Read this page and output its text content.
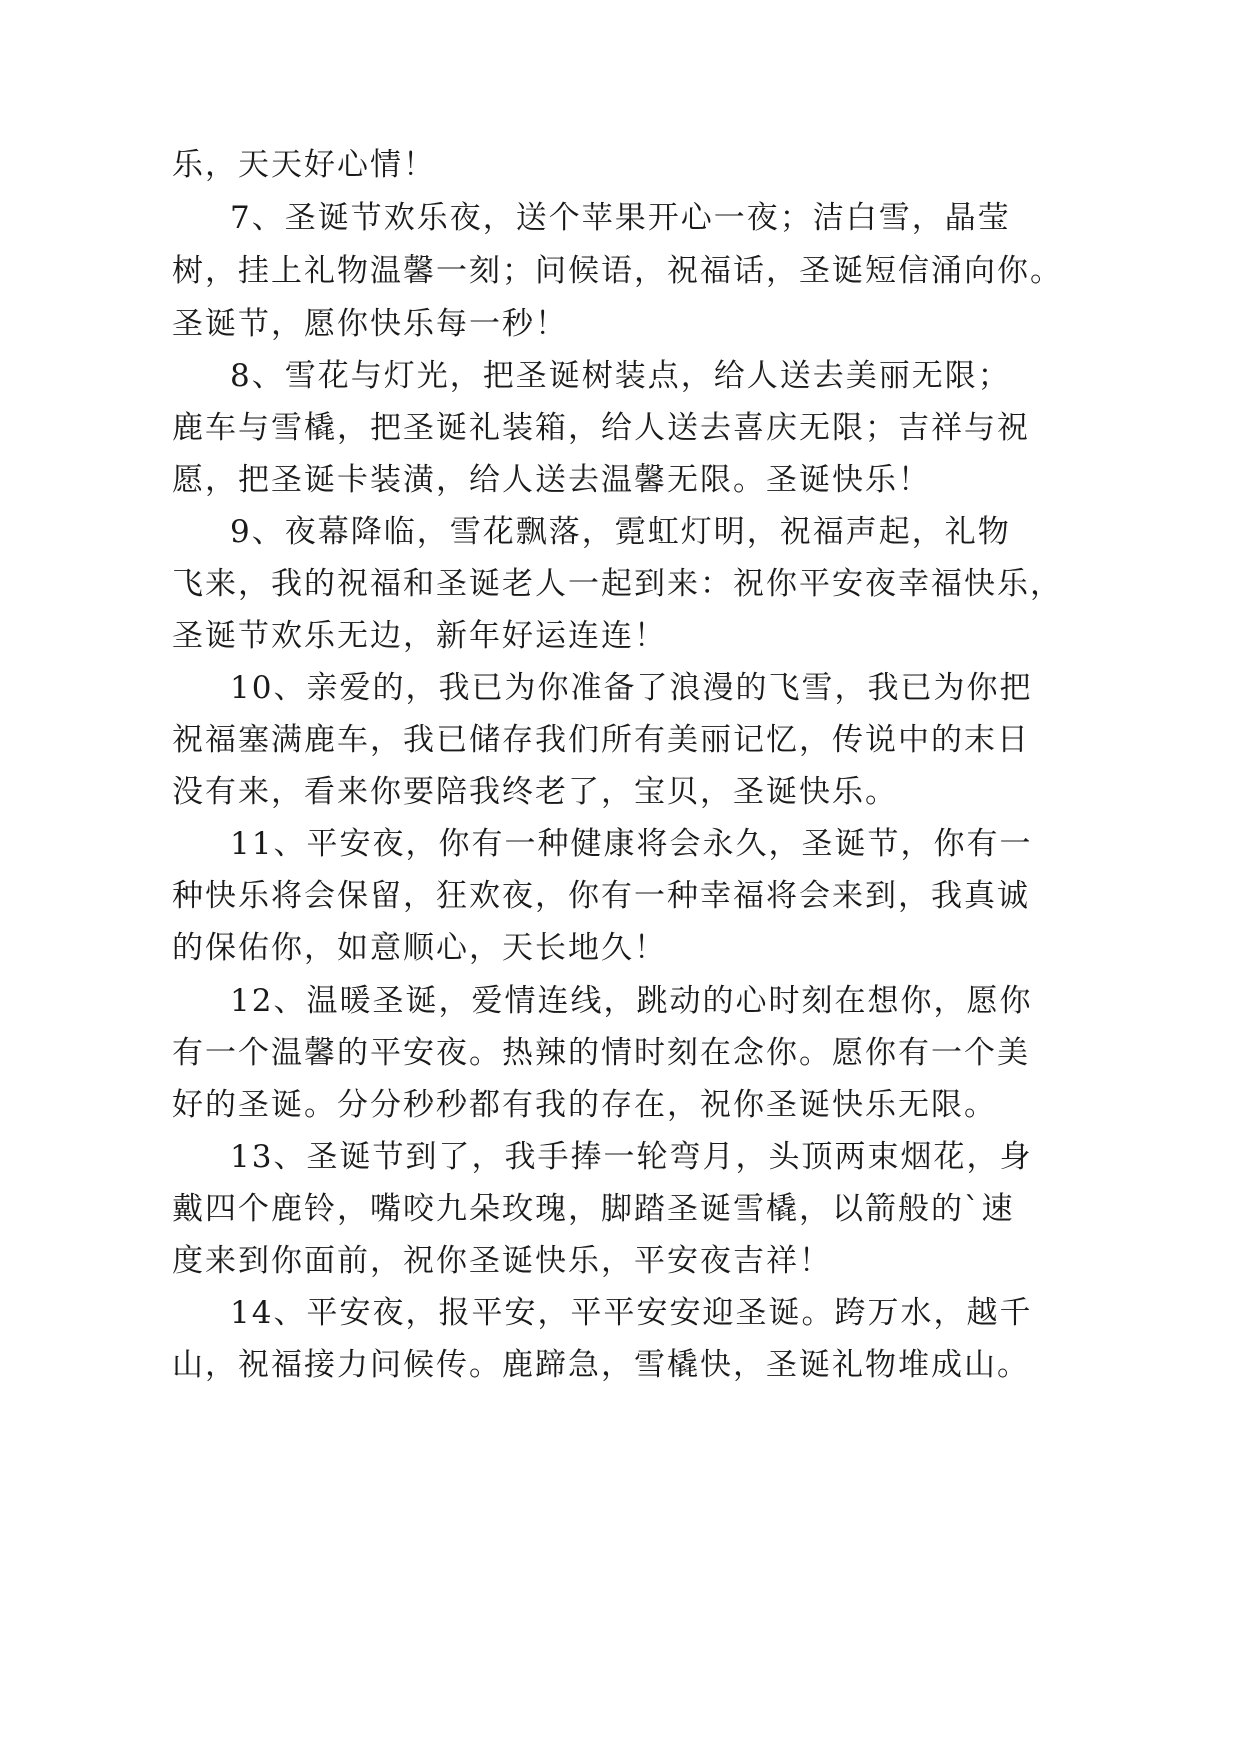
乐，天天好心情！
7、圣诞节欢乐夜，送个苹果开心一夜；洁白雪，晶莹
树，挂上礼物温馨一刻；问候语，祝福话，圣诞短信涌向你。
圣诞节，愿你快乐每一秒！
8、雪花与灯光，把圣诞树装点，给人送去美丽无限；
鹿车与雪橇，把圣诞礼装箱，给人送去喜庆无限；吉祥与祝
愿，把圣诞卡装潢，给人送去温馨无限。圣诞快乐！
9、夜幕降临，雪花飘落，霓虹灯明，祝福声起，礼物
飞来，我的祝福和圣诞老人一起到来：祝你平安夜幸福快乐，
圣诞节欢乐无边，新年好运连连！
10、亲爱的，我已为你准备了浪漫的飞雪，我已为你把
祝福塞满鹿车，我已储存我们所有美丽记忆，传说中的末日
没有来，看来你要陪我终老了，宝贝，圣诞快乐。
11、平安夜，你有一种健康将会永久，圣诞节，你有一
种快乐将会保留，狂欢夜，你有一种幸福将会来到，我真诚
的保佑你，如意顺心，天长地久！
12、温暖圣诞，爱情连线，跳动的心时刻在想你，愿你
有一个温馨的平安夜。热辣的情时刻在念你。愿你有一个美
好的圣诞。分分秒秒都有我的存在，祝你圣诞快乐无限。
13、圣诞节到了，我手捧一轮弯月，头顶两束烟花，身
戴四个鹿铃，嘴咬九朵玫瑰，脚踏圣诞雪橇，以箭般的`速
度来到你面前，祝你圣诞快乐，平安夜吉祥！
14、平安夜，报平安，平平安安迎圣诞。跨万水，越千
山，祝福接力问候传。鹿蹄急，雪橇快，圣诞礼物堆成山。
